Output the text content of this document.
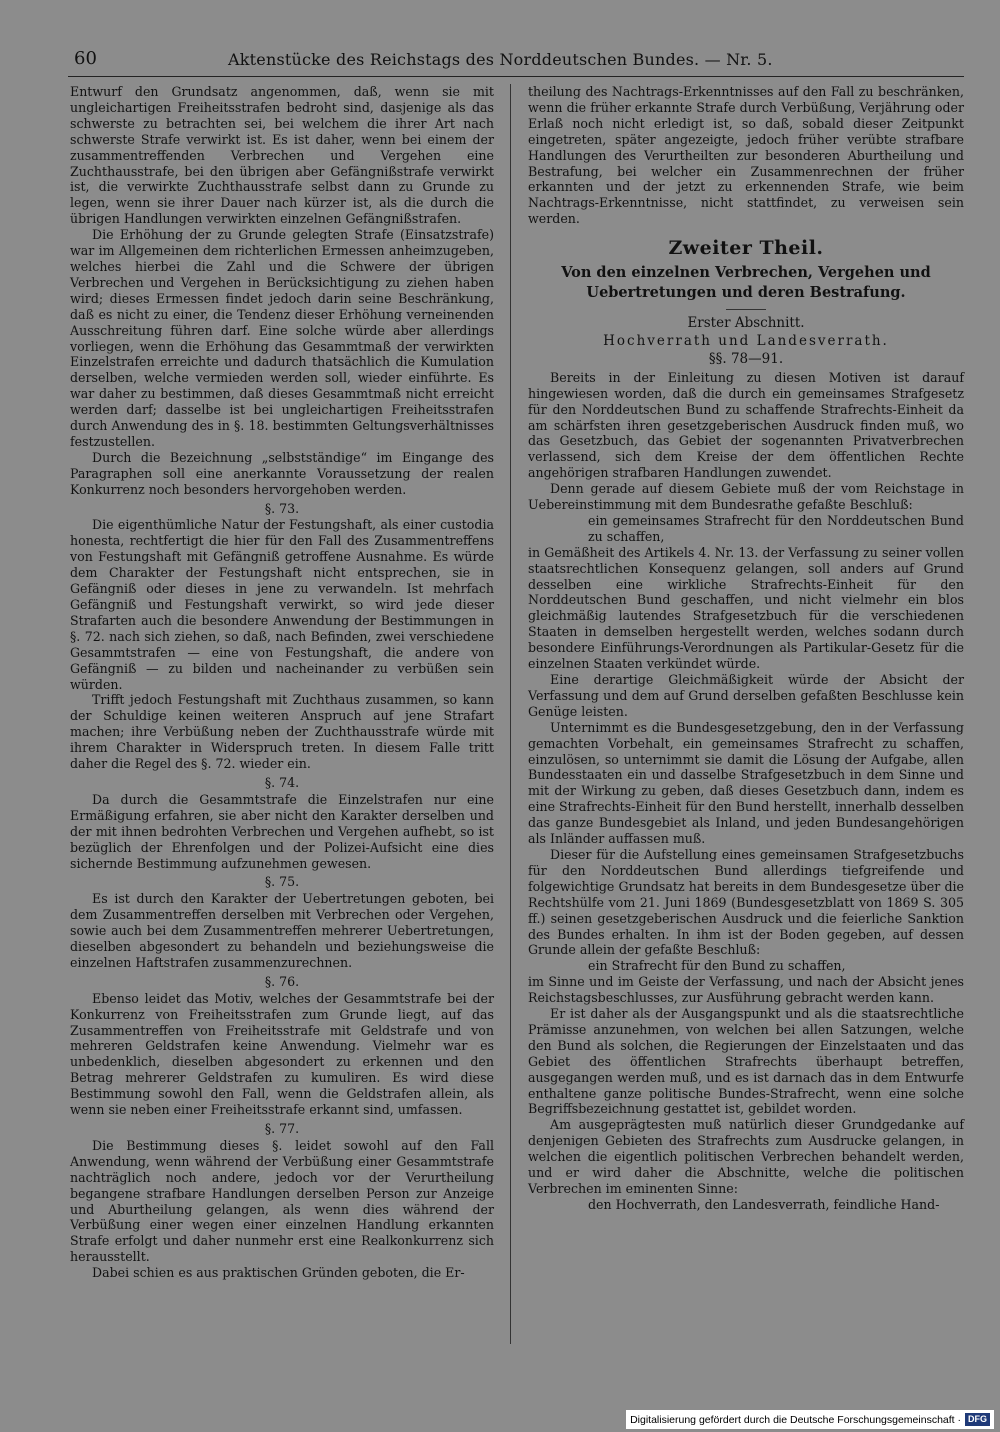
60	Aktenstücke des Reichstags des Norddeutschen Bundes. — Nr. 5.

Entwurf den Grundsatz angenommen, daß, wenn sie mit ungleichartigen Freiheitsstrafen bedroht sind, dasjenige als das schwerste zu betrachten sei, bei welchem die ihrer Art nach schwerste Strafe verwirkt ist. Es ist daher, wenn bei einem der zusammentreffenden Verbrechen und Vergehen eine Zuchthausstrafe, bei den übrigen aber Gefängnißstrafe verwirkt ist, die verwirkte Zuchthausstrafe selbst dann zu Grunde zu legen, wenn sie ihrer Dauer nach kürzer ist, als die durch die übrigen Handlungen verwirkten einzelnen Gefängnißstrafen.

Die Erhöhung der zu Grunde gelegten Strafe (Einsatzstrafe) war im Allgemeinen dem richterlichen Ermessen anheimzugeben, welches hierbei die Zahl und die Schwere der übrigen Verbrechen und Vergehen in Berücksichtigung zu ziehen haben wird; dieses Ermessen findet jedoch darin seine Beschränkung, daß es nicht zu einer, die Tendenz dieser Erhöhung verneinenden Ausschreitung führen darf. Eine solche würde aber allerdings vorliegen, wenn die Erhöhung das Gesammtmaß der verwirkten Einzelstrafen erreichte und dadurch thatsächlich die Kumulation derselben, welche vermieden werden soll, wieder einführte. Es war daher zu bestimmen, daß dieses Gesammtmaß nicht erreicht werden darf; dasselbe ist bei ungleichartigen Freiheitsstrafen durch Anwendung des in §. 18. bestimmten Geltungsverhältnisses festzustellen.

Durch die Bezeichnung „selbstständige“ im Eingange des Paragraphen soll eine anerkannte Voraussetzung der realen Konkurrenz noch besonders hervorgehoben werden.

§. 73.

Die eigenthümliche Natur der Festungshaft, als einer custodia honesta, rechtfertigt die hier für den Fall des Zusammentreffens von Festungshaft mit Gefängniß getroffene Ausnahme. Es würde dem Charakter der Festungshaft nicht entsprechen, sie in Gefängniß oder dieses in jene zu verwandeln. Ist mehrfach Gefängniß und Festungshaft verwirkt, so wird jede dieser Strafarten auch die besondere Anwendung der Bestimmungen in §. 72. nach sich ziehen, so daß, nach Befinden, zwei verschiedene Gesammtstrafen — eine von Festungshaft, die andere von Gefängniß — zu bilden und nacheinander zu verbüßen sein würden.

Trifft jedoch Festungshaft mit Zuchthaus zusammen, so kann der Schuldige keinen weiteren Anspruch auf jene Strafart machen; ihre Verbüßung neben der Zuchthausstrafe würde mit ihrem Charakter in Widerspruch treten. In diesem Falle tritt daher die Regel des §. 72. wieder ein.

§. 74.

Da durch die Gesammtstrafe die Einzelstrafen nur eine Ermäßigung erfahren, sie aber nicht den Karakter derselben und der mit ihnen bedrohten Verbrechen und Vergehen aufhebt, so ist bezüglich der Ehrenfolgen und der Polizei-Aufsicht eine dies sichernde Bestimmung aufzunehmen gewesen.

§. 75.

Es ist durch den Karakter der Uebertretungen geboten, bei dem Zusammentreffen derselben mit Verbrechen oder Vergehen, sowie auch bei dem Zusammentreffen mehrerer Uebertretungen, dieselben abgesondert zu behandeln und beziehungsweise die einzelnen Haftstrafen zusammenzurechnen.

§. 76.

Ebenso leidet das Motiv, welches der Gesammtstrafe bei der Konkurrenz von Freiheitsstrafen zum Grunde liegt, auf das Zusammentreffen von Freiheitsstrafe mit Geldstrafe und von mehreren Geldstrafen keine Anwendung. Vielmehr war es unbedenklich, dieselben abgesondert zu erkennen und den Betrag mehrerer Geldstrafen zu kumuliren. Es wird diese Bestimmung sowohl den Fall, wenn die Geldstrafen allein, als wenn sie neben einer Freiheitsstrafe erkannt sind, umfassen.

§. 77.

Die Bestimmung dieses §. leidet sowohl auf den Fall Anwendung, wenn während der Verbüßung einer Gesammtstrafe nachträglich noch andere, jedoch vor der Verurtheilung begangene strafbare Handlungen derselben Person zur Anzeige und Aburtheilung gelangen, als wenn dies während der Verbüßung einer wegen einer einzelnen Handlung erkannten Strafe erfolgt und daher nunmehr erst eine Realkonkurrenz sich herausstellt.

Dabei schien es aus praktischen Gründen geboten, die Er-

theilung des Nachtrags-Erkenntnisses auf den Fall zu beschränken, wenn die früher erkannte Strafe durch Verbüßung, Verjährung oder Erlaß noch nicht erledigt ist, so daß, sobald dieser Zeitpunkt eingetreten, später angezeigte, jedoch früher verübte strafbare Handlungen des Verurtheilten zur besonderen Aburtheilung und Bestrafung, bei welcher ein Zusammenrechnen der früher erkannten und der jetzt zu erkennenden Strafe, wie beim Nachtrags-Erkenntnisse, nicht stattfindet, zu verweisen sein werden.

Zweiter Theil.
Von den einzelnen Verbrechen, Vergehen und Uebertretungen und deren Bestrafung.
Erster Abschnitt.
Hochverrath und Landesverrath.
§§. 78—91.

Bereits in der Einleitung zu diesen Motiven ist darauf hingewiesen worden, daß die durch ein gemeinsames Strafgesetz für den Norddeutschen Bund zu schaffende Strafrechts-Einheit da am schärfsten ihren gesetzgeberischen Ausdruck finden muß, wo das Gesetzbuch, das Gebiet der sogenannten Privatverbrechen verlassend, sich dem Kreise der dem öffentlichen Rechte angehörigen strafbaren Handlungen zuwendet.

Denn gerade auf diesem Gebiete muß der vom Reichstage in Uebereinstimmung mit dem Bundesrathe gefaßte Beschluß:

ein gemeinsames Strafrecht für den Norddeutschen Bund zu schaffen,

in Gemäßheit des Artikels 4. Nr. 13. der Verfassung zu seiner vollen staatsrechtlichen Konsequenz gelangen, soll anders auf Grund desselben eine wirkliche Strafrechts-Einheit für den Norddeutschen Bund geschaffen, und nicht vielmehr ein blos gleichmäßig lautendes Strafgesetzbuch für die verschiedenen Staaten in demselben hergestellt werden, welches sodann durch besondere Einführungs-Verordnungen als Partikular-Gesetz für die einzelnen Staaten verkündet würde.

Eine derartige Gleichmäßigkeit würde der Absicht der Verfassung und dem auf Grund derselben gefaßten Beschlusse kein Genüge leisten.

Unternimmt es die Bundesgesetzgebung, den in der Verfassung gemachten Vorbehalt, ein gemeinsames Strafrecht zu schaffen, einzulösen, so unternimmt sie damit die Lösung der Aufgabe, allen Bundesstaaten ein und dasselbe Strafgesetzbuch in dem Sinne und mit der Wirkung zu geben, daß dieses Gesetzbuch dann, indem es eine Strafrechts-Einheit für den Bund herstellt, innerhalb desselben das ganze Bundesgebiet als Inland, und jeden Bundesangehörigen als Inländer auffassen muß.

Dieser für die Aufstellung eines gemeinsamen Strafgesetzbuchs für den Norddeutschen Bund allerdings tiefgreifende und folgewichtige Grundsatz hat bereits in dem Bundesgesetze über die Rechtshülfe vom 21. Juni 1869 (Bundesgesetzblatt von 1869 S. 305 ff.) seinen gesetzgeberischen Ausdruck und die feierliche Sanktion des Bundes erhalten. In ihm ist der Boden gegeben, auf dessen Grunde allein der gefaßte Beschluß:

ein Strafrecht für den Bund zu schaffen,

im Sinne und im Geiste der Verfassung, und nach der Absicht jenes Reichstagsbeschlusses, zur Ausführung gebracht werden kann.

Er ist daher als der Ausgangspunkt und als die staatsrechtliche Prämisse anzunehmen, von welchen bei allen Satzungen, welche den Bund als solchen, die Regierungen der Einzelstaaten und das Gebiet des öffentlichen Strafrechts überhaupt betreffen, ausgegangen werden muß, und es ist darnach das in dem Entwurfe enthaltene ganze politische Bundes-Strafrecht, wenn eine solche Begriffsbezeichnung gestattet ist, gebildet worden.

Am ausgeprägtesten muß natürlich dieser Grundgedanke auf denjenigen Gebieten des Strafrechts zum Ausdrucke gelangen, in welchen die eigentlich politischen Verbrechen behandelt werden, und er wird daher die Abschnitte, welche die politischen Verbrechen im eminenten Sinne:

den Hochverrath, den Landesverrath, feindliche Hand-

Digitalisierung gefördert durch die Deutsche Forschungsgemeinschaft · DFG
